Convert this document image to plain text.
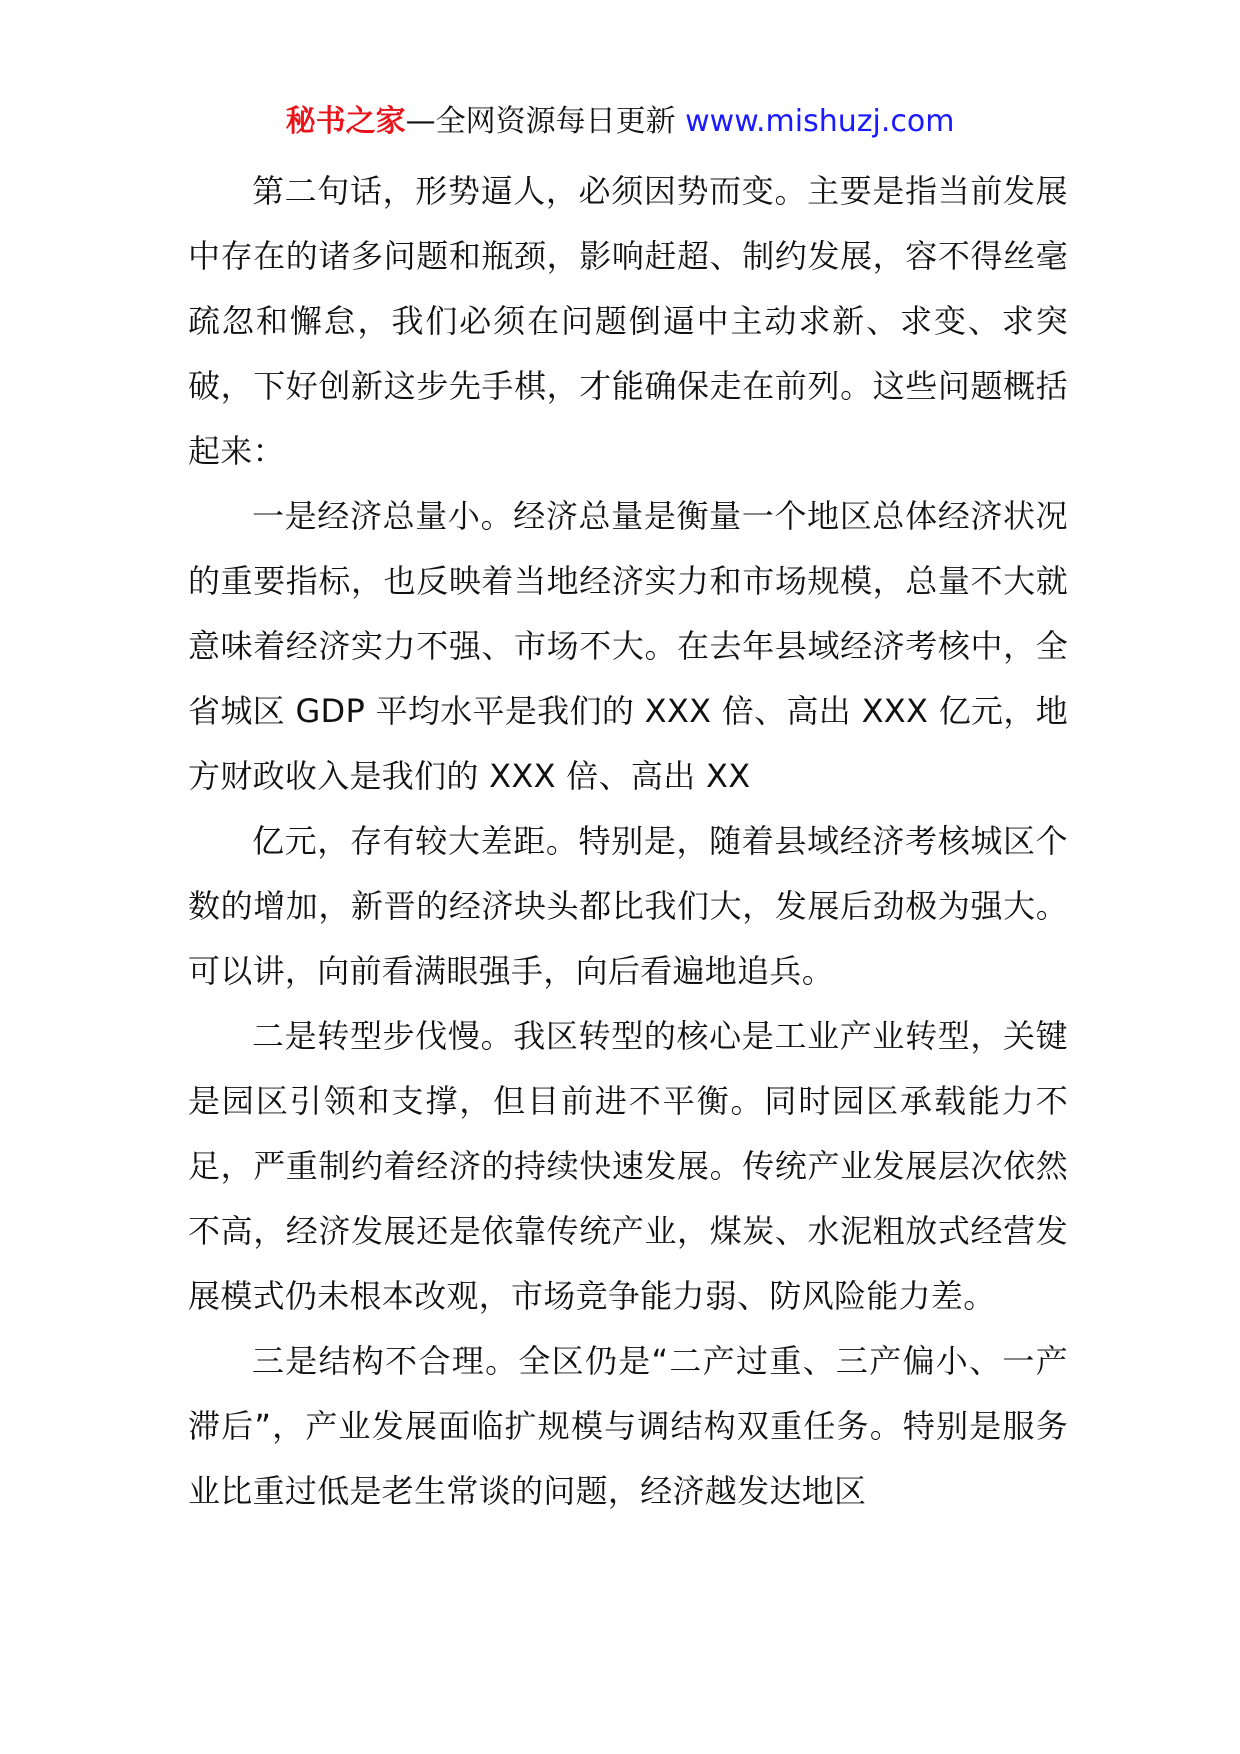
秘书之家—全网资源每日更新 www.mishuzj.com

第二句话，形势逼人，必须因势而变。主要是指当前发展中存在的诸多问题和瓶颈，影响赶超、制约发展，容不得丝毫疏忽和懈怠，我们必须在问题倒逼中主动求新、求变、求突破，下好创新这步先手棋，才能确保走在前列。这些问题概括起来：

一是经济总量小。经济总量是衡量一个地区总体经济状况的重要指标，也反映着当地经济实力和市场规模，总量不大就意味着经济实力不强、市场不大。在去年县域经济考核中，全省城区 GDP 平均水平是我们的 XXX 倍、高出 XXX 亿元，地方财政收入是我们的 XXX 倍、高出 XX

亿元，存有较大差距。特别是，随着县域经济考核城区个数的增加，新晋的经济块头都比我们大，发展后劲极为强大。可以讲，向前看满眼强手，向后看遍地追兵。

二是转型步伐慢。我区转型的核心是工业产业转型，关键是园区引领和支撑，但目前进不平衡。同时园区承载能力不足，严重制约着经济的持续快速发展。传统产业发展层次依然不高，经济发展还是依靠传统产业，煤炭、水泥粗放式经营发展模式仍未根本改观，市场竞争能力弱、防风险能力差。

三是结构不合理。全区仍是“二产过重、三产偏小、一产滞后”，产业发展面临扩规模与调结构双重任务。特别是服务业比重过低是老生常谈的问题，经济越发达地区
